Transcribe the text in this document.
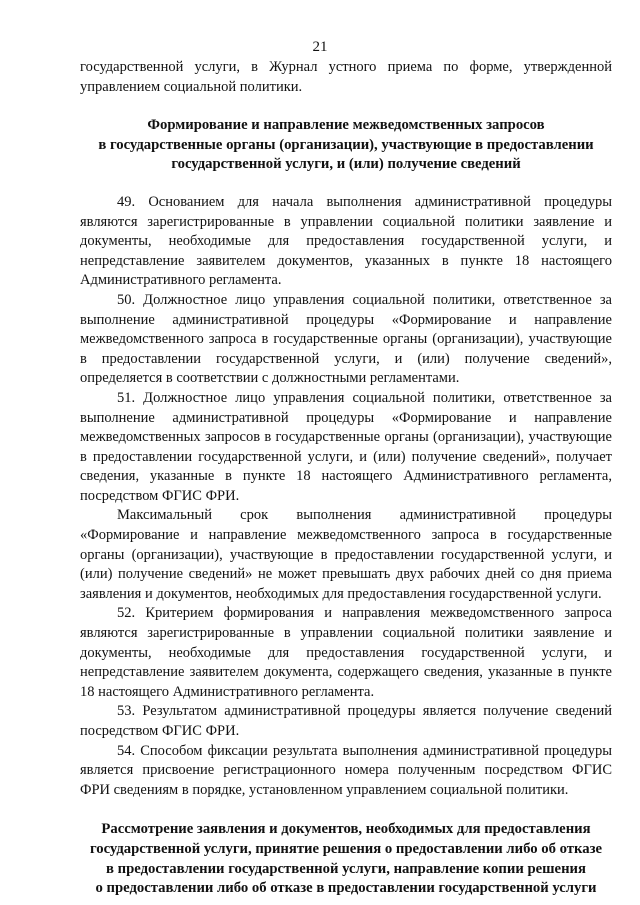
21

государственной услуги, в Журнал устного приема по форме, утвержденной управлением социальной политики.

Формирование и направление межведомственных запросов

в государственные органы (организации), участвующие в предоставлении

государственной услуги, и (или) получение сведений

49. Основанием для начала выполнения административной процедуры являются зарегистрированные в управлении социальной политики заявление и документы, необходимые для предоставления государственной услуги, и непредставление заявителем документов, указанных в пункте 18 настоящего Административного регламента.

50. Должностное лицо управления социальной политики, ответственное за выполнение административной процедуры «Формирование и направление межведомственного запроса в государственные органы (организации), участвующие в предоставлении государственной услуги, и (или) получение сведений», определяется в соответствии с должностными регламентами.

51. Должностное лицо управления социальной политики, ответственное за выполнение административной процедуры «Формирование и направление межведомственных запросов в государственные органы (организации), участвующие в предоставлении государственной услуги, и (или) получение сведений», получает сведения, указанные в пункте 18 настоящего Административного регламента, посредством ФГИС ФРИ.

Максимальный срок выполнения административной процедуры «Формирование и направление межведомственного запроса в государственные органы (организации), участвующие в предоставлении государственной услуги, и (или) получение сведений» не может превышать двух рабочих дней со дня приема заявления и документов, необходимых для предоставления государственной услуги.

52. Критерием формирования и направления межведомственного запроса являются зарегистрированные в управлении социальной политики заявление и документы, необходимые для предоставления государственной услуги, и непредставление заявителем документа, содержащего сведения, указанные в пункте 18 настоящего Административного регламента.

53. Результатом административной процедуры является получение сведений посредством ФГИС ФРИ.

54. Способом фиксации результата выполнения административной процедуры является присвоение регистрационного номера полученным посредством ФГИС ФРИ сведениям в порядке, установленном управлением социальной политики.

Рассмотрение заявления и документов, необходимых для предоставления

государственной услуги, принятие решения о предоставлении либо об отказе

в предоставлении государственной услуги, направление копии решения

о предоставлении либо об отказе в предоставлении государственной услуги
